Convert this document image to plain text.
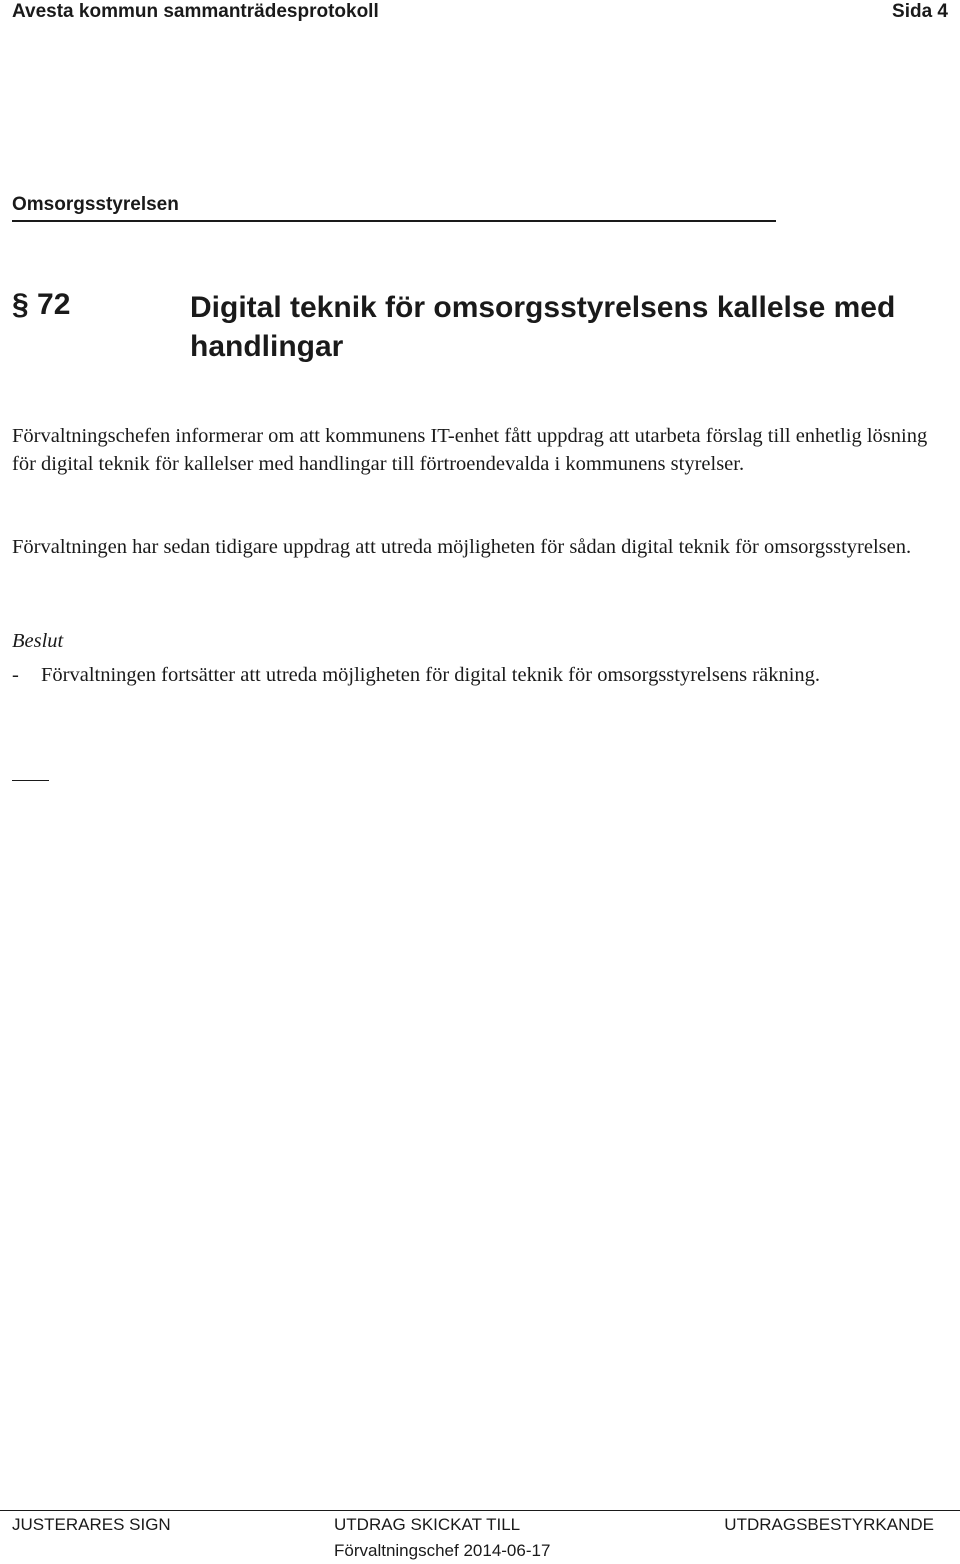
Avesta kommun sammanträdesprotokoll	Sida 4
Omsorgsstyrelsen
§ 72	Digital teknik för omsorgsstyrelsens kallelse med handlingar

Förvaltningschefen informerar om att kommunens IT-enhet fått uppdrag att utarbeta förslag till enhetlig lösning för digital teknik för kallelser med handlingar till förtroendevalda i kommunens styrelser.

Förvaltningen har sedan tidigare uppdrag att utreda möjligheten för sådan digital teknik för omsorgsstyrelsen.

Beslut
-	Förvaltningen fortsätter att utreda möjligheten för digital teknik för omsorgsstyrelsens räkning.
JUSTERARES SIGN	UTDRAG SKICKAT TILL
Förvaltningschef 2014-06-17
UTDRAGSBESTYRKANDE
